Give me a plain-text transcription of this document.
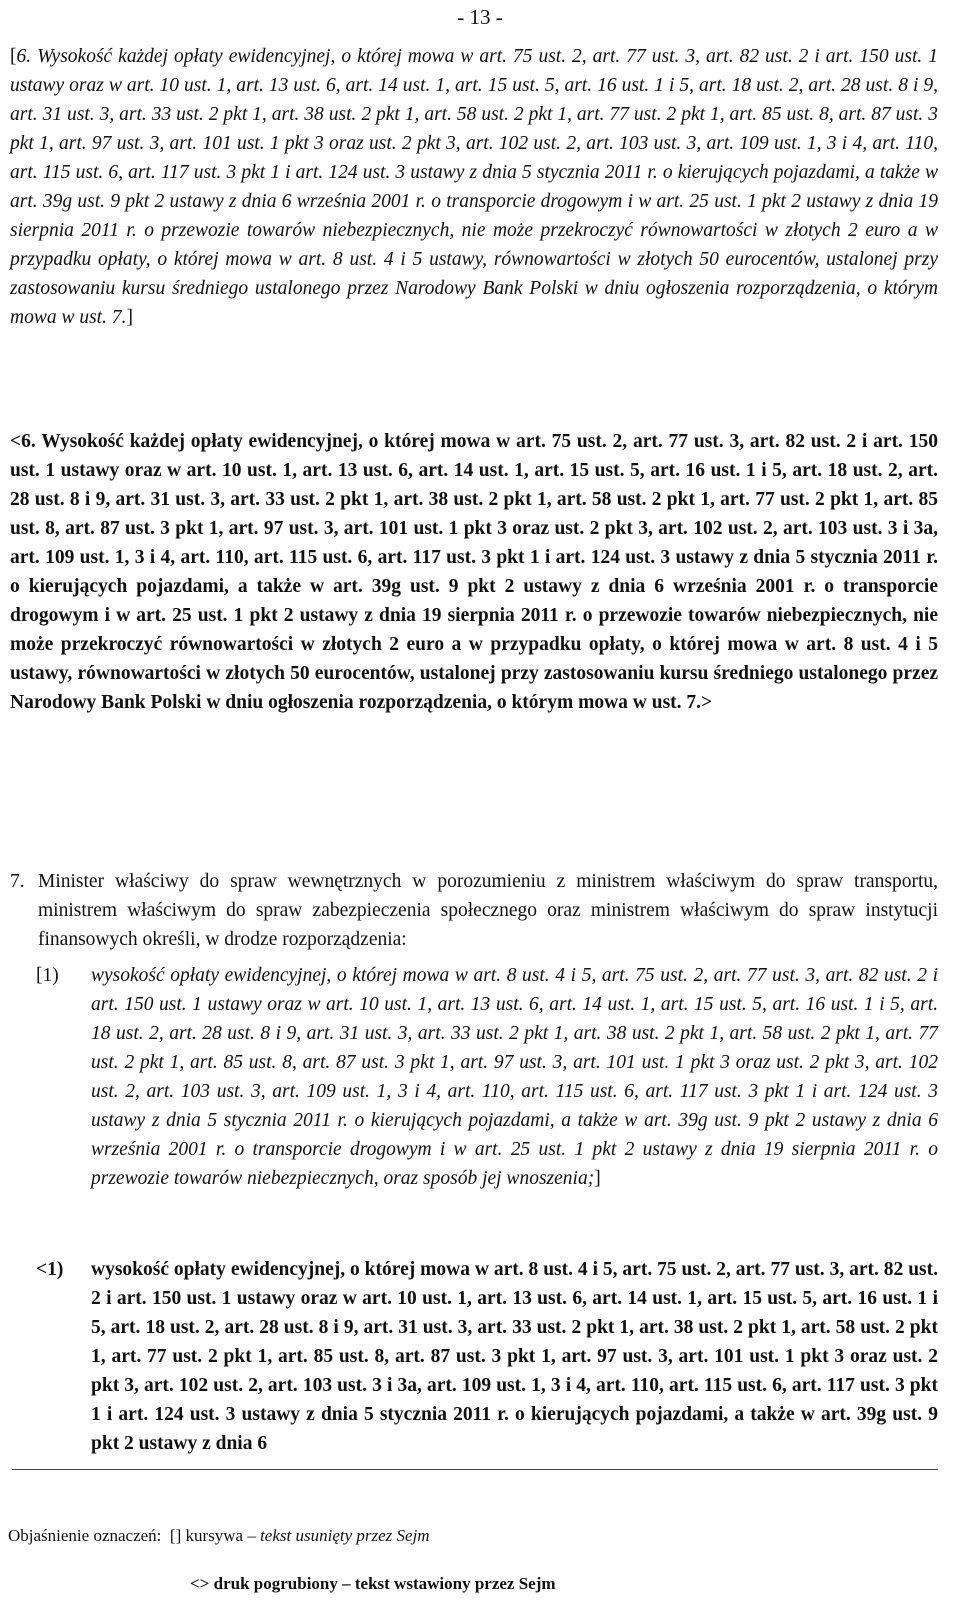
- 13 -
[6. Wysokość każdej opłaty ewidencyjnej, o której mowa w art. 75 ust. 2, art. 77 ust. 3, art. 82 ust. 2 i art. 150 ust. 1 ustawy oraz w art. 10 ust. 1, art. 13 ust. 6, art. 14 ust. 1, art. 15 ust. 5, art. 16 ust. 1 i 5, art. 18 ust. 2, art. 28 ust. 8 i 9, art. 31 ust. 3, art. 33 ust. 2 pkt 1, art. 38 ust. 2 pkt 1, art. 58 ust. 2 pkt 1, art. 77 ust. 2 pkt 1, art. 85 ust. 8, art. 87 ust. 3 pkt 1, art. 97 ust. 3, art. 101 ust. 1 pkt 3 oraz ust. 2 pkt 3, art. 102 ust. 2, art. 103 ust. 3, art. 109 ust. 1, 3 i 4, art. 110, art. 115 ust. 6, art. 117 ust. 3 pkt 1 i art. 124 ust. 3 ustawy z dnia 5 stycznia 2011 r. o kierujących pojazdami, a także w art. 39g ust. 9 pkt 2 ustawy z dnia 6 września 2001 r. o transporcie drogowym i w art. 25 ust. 1 pkt 2 ustawy z dnia 19 sierpnia 2011 r. o przewozie towarów niebezpiecznych, nie może przekroczyć równowartości w złotych 2 euro a w przypadku opłaty, o której mowa w art. 8 ust. 4 i 5 ustawy, równowartości w złotych 50 eurocentów, ustalonej przy zastosowaniu kursu średniego ustalonego przez Narodowy Bank Polski w dniu ogłoszenia rozporządzenia, o którym mowa w ust. 7.]
<6. Wysokość każdej opłaty ewidencyjnej, o której mowa w art. 75 ust. 2, art. 77 ust. 3, art. 82 ust. 2 i art. 150 ust. 1 ustawy oraz w art. 10 ust. 1, art. 13 ust. 6, art. 14 ust. 1, art. 15 ust. 5, art. 16 ust. 1 i 5, art. 18 ust. 2, art. 28 ust. 8 i 9, art. 31 ust. 3, art. 33 ust. 2 pkt 1, art. 38 ust. 2 pkt 1, art. 58 ust. 2 pkt 1, art. 77 ust. 2 pkt 1, art. 85 ust. 8, art. 87 ust. 3 pkt 1, art. 97 ust. 3, art. 101 ust. 1 pkt 3 oraz ust. 2 pkt 3, art. 102 ust. 2, art. 103 ust. 3 i 3a, art. 109 ust. 1, 3 i 4, art. 110, art. 115 ust. 6, art. 117 ust. 3 pkt 1 i art. 124 ust. 3 ustawy z dnia 5 stycznia 2011 r. o kierujących pojazdami, a także w art. 39g ust. 9 pkt 2 ustawy z dnia 6 września 2001 r. o transporcie drogowym i w art. 25 ust. 1 pkt 2 ustawy z dnia 19 sierpnia 2011 r. o przewozie towarów niebezpiecznych, nie może przekroczyć równowartości w złotych 2 euro a w przypadku opłaty, o której mowa w art. 8 ust. 4 i 5 ustawy, równowartości w złotych 50 eurocentów, ustalonej przy zastosowaniu kursu średniego ustalonego przez Narodowy Bank Polski w dniu ogłoszenia rozporządzenia, o którym mowa w ust. 7.>
7. Minister właściwy do spraw wewnętrznych w porozumieniu z ministrem właściwym do spraw transportu, ministrem właściwym do spraw zabezpieczenia społecznego oraz ministrem właściwym do spraw instytucji finansowych określi, w drodze rozporządzenia:
[1) wysokość opłaty ewidencyjnej, o której mowa w art. 8 ust. 4 i 5, art. 75 ust. 2, art. 77 ust. 3, art. 82 ust. 2 i art. 150 ust. 1 ustawy oraz w art. 10 ust. 1, art. 13 ust. 6, art. 14 ust. 1, art. 15 ust. 5, art. 16 ust. 1 i 5, art. 18 ust. 2, art. 28 ust. 8 i 9, art. 31 ust. 3, art. 33 ust. 2 pkt 1, art. 38 ust. 2 pkt 1, art. 58 ust. 2 pkt 1, art. 77 ust. 2 pkt 1, art. 85 ust. 8, art. 87 ust. 3 pkt 1, art. 97 ust. 3, art. 101 ust. 1 pkt 3 oraz ust. 2 pkt 3, art. 102 ust. 2, art. 103 ust. 3, art. 109 ust. 1, 3 i 4, art. 110, art. 115 ust. 6, art. 117 ust. 3 pkt 1 i art. 124 ust. 3 ustawy z dnia 5 stycznia 2011 r. o kierujących pojazdami, a także w art. 39g ust. 9 pkt 2 ustawy z dnia 6 września 2001 r. o transporcie drogowym i w art. 25 ust. 1 pkt 2 ustawy z dnia 19 sierpnia 2011 r. o przewozie towarów niebezpiecznych, oraz sposób jej wnoszenia;]
<1) wysokość opłaty ewidencyjnej, o której mowa w art. 8 ust. 4 i 5, art. 75 ust. 2, art. 77 ust. 3, art. 82 ust. 2 i art. 150 ust. 1 ustawy oraz w art. 10 ust. 1, art. 13 ust. 6, art. 14 ust. 1, art. 15 ust. 5, art. 16 ust. 1 i 5, art. 18 ust. 2, art. 28 ust. 8 i 9, art. 31 ust. 3, art. 33 ust. 2 pkt 1, art. 38 ust. 2 pkt 1, art. 58 ust. 2 pkt 1, art. 77 ust. 2 pkt 1, art. 85 ust. 8, art. 87 ust. 3 pkt 1, art. 97 ust. 3, art. 101 ust. 1 pkt 3 oraz ust. 2 pkt 3, art. 102 ust. 2, art. 103 ust. 3 i 3a, art. 109 ust. 1, 3 i 4, art. 110, art. 115 ust. 6, art. 117 ust. 3 pkt 1 i art. 124 ust. 3 ustawy z dnia 5 stycznia 2011 r. o kierujących pojazdami, a także w art. 39g ust. 9 pkt 2 ustawy z dnia 6
Objaśnienie oznaczeń: [] kursywa – tekst usunięty przez Sejm
<> druk pogrubiony – tekst wstawiony przez Sejm
